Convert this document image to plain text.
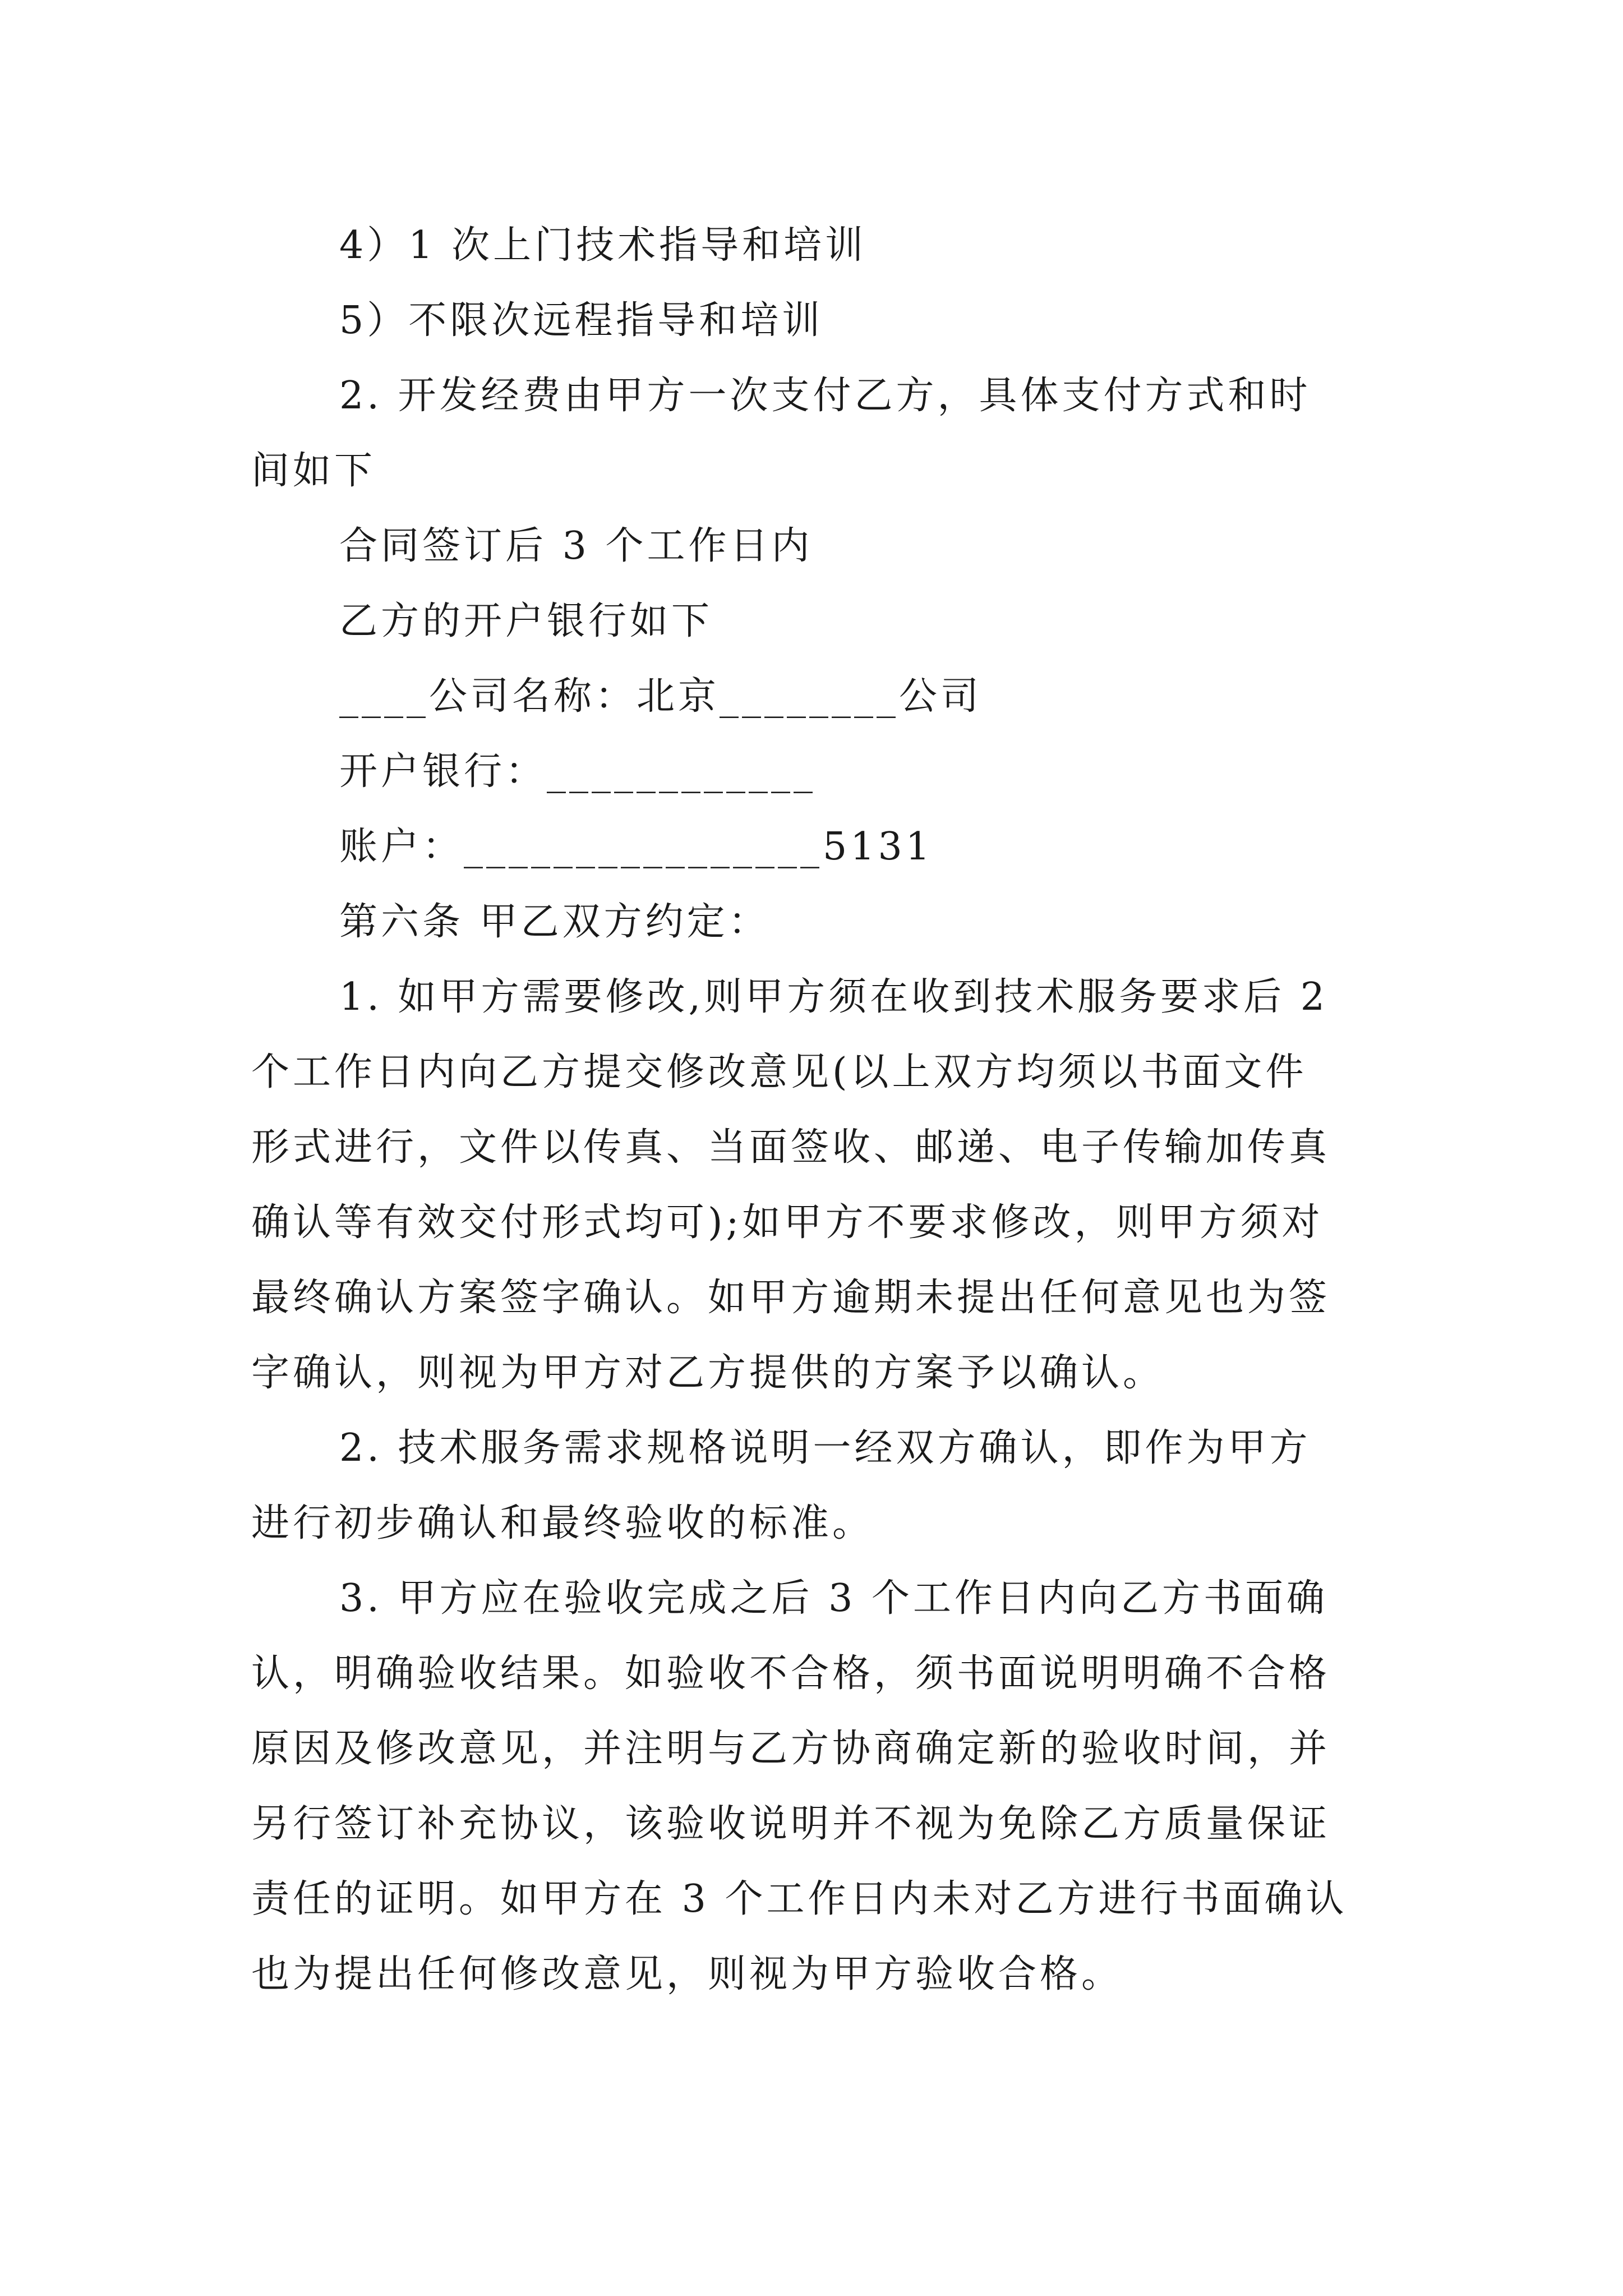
4）1 次上门技术指导和培训
5）不限次远程指导和培训
2. 开发经费由甲方一次支付乙方，具体支付方式和时
间如下
合同签订后 3 个工作日内
乙方的开户银行如下
____公司名称：北京________公司
开户银行：____________
账户：________________5131
第六条 甲乙双方约定：
1. 如甲方需要修改,则甲方须在收到技术服务要求后 2
个工作日内向乙方提交修改意见(以上双方均须以书面文件
形式进行，文件以传真、当面签收、邮递、电子传输加传真
确认等有效交付形式均可);如甲方不要求修改，则甲方须对
最终确认方案签字确认。如甲方逾期未提出任何意见也为签
字确认，则视为甲方对乙方提供的方案予以确认。
2. 技术服务需求规格说明一经双方确认，即作为甲方
进行初步确认和最终验收的标准。
3. 甲方应在验收完成之后 3 个工作日内向乙方书面确
认，明确验收结果。如验收不合格，须书面说明明确不合格
原因及修改意见，并注明与乙方协商确定新的验收时间，并
另行签订补充协议，该验收说明并不视为免除乙方质量保证
责任的证明。如甲方在 3 个工作日内未对乙方进行书面确认
也为提出任何修改意见，则视为甲方验收合格。
